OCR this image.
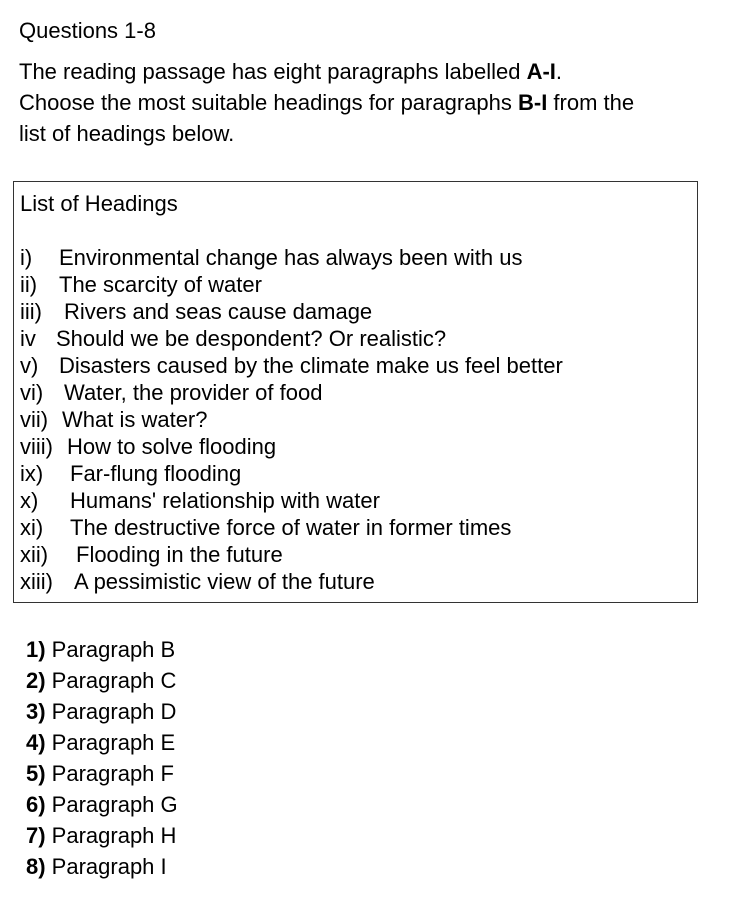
Questions 1-8
The reading passage has eight paragraphs labelled A-I.
Choose the most suitable headings for paragraphs B-I from the
list of headings below.
List of Headings
i)	Environmental change has always been with us
ii) The scarcity of water
iii)	Rivers and seas cause damage
iv Should we be despondent? Or realistic?
v) Disasters caused by the climate make us feel better
vi) Water, the provider of food
vii) What is water?
viii) How to solve flooding
ix)	Far-flung flooding
x)	Humans' relationship with water
xi)	The destructive force of water in former times
xii)	Flooding in the future
xiii) A pessimistic view of the future
1) Paragraph B
2) Paragraph C
3) Paragraph D
4) Paragraph E
5) Paragraph F
6) Paragraph G
7) Paragraph H
8) Paragraph I
